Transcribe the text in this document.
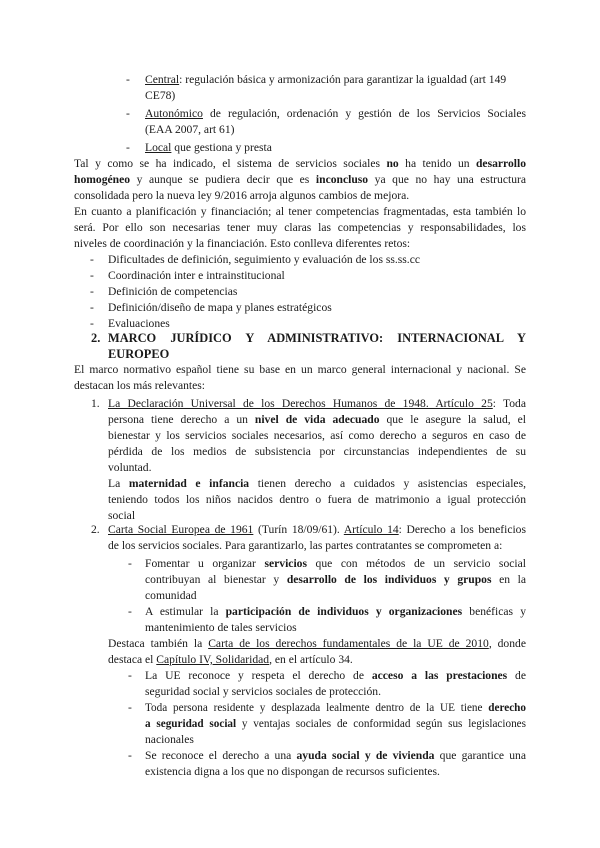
- Central: regulación básica y armonización para garantizar la igualdad (art 149
CE78)
- Autonómico de regulación, ordenación y gestión de los Servicios Sociales
(EAA 2007, art 61)
- Local que gestiona y presta
Tal y como se ha indicado, el sistema de servicios sociales no ha tenido un desarrollo
homogéneo y aunque se pudiera decir que es inconcluso ya que no hay una estructura
consolidada pero la nueva ley 9/2016 arroja algunos cambios de mejora.
En cuanto a planificación y financiación; al tener competencias fragmentadas, esta también lo
será. Por ello son necesarias tener muy claras las competencias y responsabilidades, los
niveles de coordinación y la financiación. Esto conlleva diferentes retos:
- Dificultades de definición, seguimiento y evaluación de los ss.ss.cc
- Coordinación inter e intrainstitucional
- Definición de competencias
- Definición/diseño de mapa y planes estratégicos
- Evaluaciones
2. MARCO JURÍDICO Y ADMINISTRATIVO: INTERNACIONAL Y
EUROPEO
El marco normativo español tiene su base en un marco general internacional y nacional. Se
destacan los más relevantes:
1. La Declaración Universal de los Derechos Humanos de 1948. Artículo 25: Toda
persona tiene derecho a un nivel de vida adecuado que le asegure la salud, el
bienestar y los servicios sociales necesarios, así como derecho a seguros en caso de
pérdida de los medios de subsistencia por circunstancias independientes de su
voluntad.
La maternidad e infancia tienen derecho a cuidados y asistencias especiales,
teniendo todos los niños nacidos dentro o fuera de matrimonio a igual protección
social
2. Carta Social Europea de 1961 (Turín 18/09/61). Artículo 14: Derecho a los beneficios
de los servicios sociales. Para garantizarlo, las partes contratantes se comprometen a:
- Fomentar u organizar servicios que con métodos de un servicio social
contribuyan al bienestar y desarrollo de los individuos y grupos en la
comunidad
- A estimular la participación de individuos y organizaciones benéficas y
mantenimiento de tales servicios
Destaca también la Carta de los derechos fundamentales de la UE de 2010, donde
destaca el Capítulo IV, Solidaridad, en el artículo 34.
- La UE reconoce y respeta el derecho de acceso a las prestaciones de
seguridad social y servicios sociales de protección.
- Toda persona residente y desplazada lealmente dentro de la UE tiene derecho
a seguridad social y ventajas sociales de conformidad según sus legislaciones
nacionales
- Se reconoce el derecho a una ayuda social y de vivienda que garantice una
existencia digna a los que no dispongan de recursos suficientes.
